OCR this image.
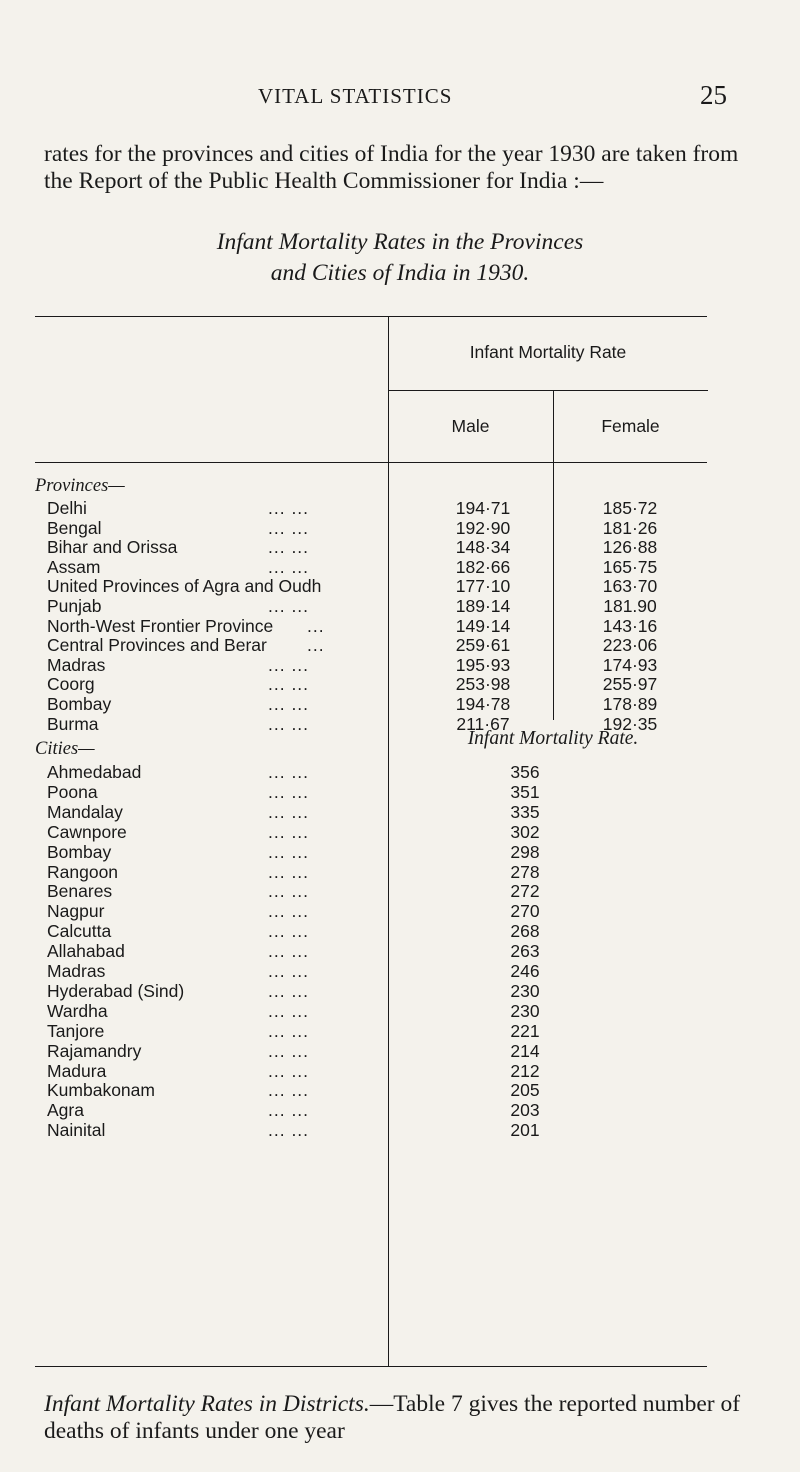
VITAL STATISTICS	25
rates for the provinces and cities of India for the year 1930 are taken from the Report of the Public Health Commissioner for India :—
Infant Mortality Rates in the Provinces
and Cities of India in 1930.
Infant Mortality Rate
Male	Female
Provinces—
Cities—	Infant Mortality Rate.
Delhi	... ...	194·71	185·72
Bengal	... ...	192·90	181·26
Bihar and Orissa	... ...	148·34	126·88
Assam	... ...	182·66	165·75
United Provinces of Agra and Oudh	177·10	163·70
Punjab	... ...	189·14	181.90
North-West Frontier Province ...	149·14	143·16
Central Provinces and Berar ...	259·61	223·06
Madras	... ...	195·93	174·93
Coorg	... ...	253·98	255·97
Bombay	... ...	194·78	178·89
Burma	... ...	211·67	192·35
Ahmedabad	... ...	356
Poona	... ...	351
Mandalay	... ...	335
Cawnpore	... ...	302
Bombay	... ...	298
Rangoon	... ...	278
Benares	... ...	272
Nagpur	... ...	270
Calcutta	... ...	268
Allahabad	... ...	263
Madras	... ...	246
Hyderabad (Sind)	... ...	230
Wardha	... ...	230
Tanjore	... ...	221
Rajamandry	... ...	214
Madura	... ...	212
Kumbakonam	... ...	205
Agra	... ...	203
Nainital	... ...	201
Infant Mortality Rates in Districts.—Table 7 gives the reported number of deaths of infants under one year
